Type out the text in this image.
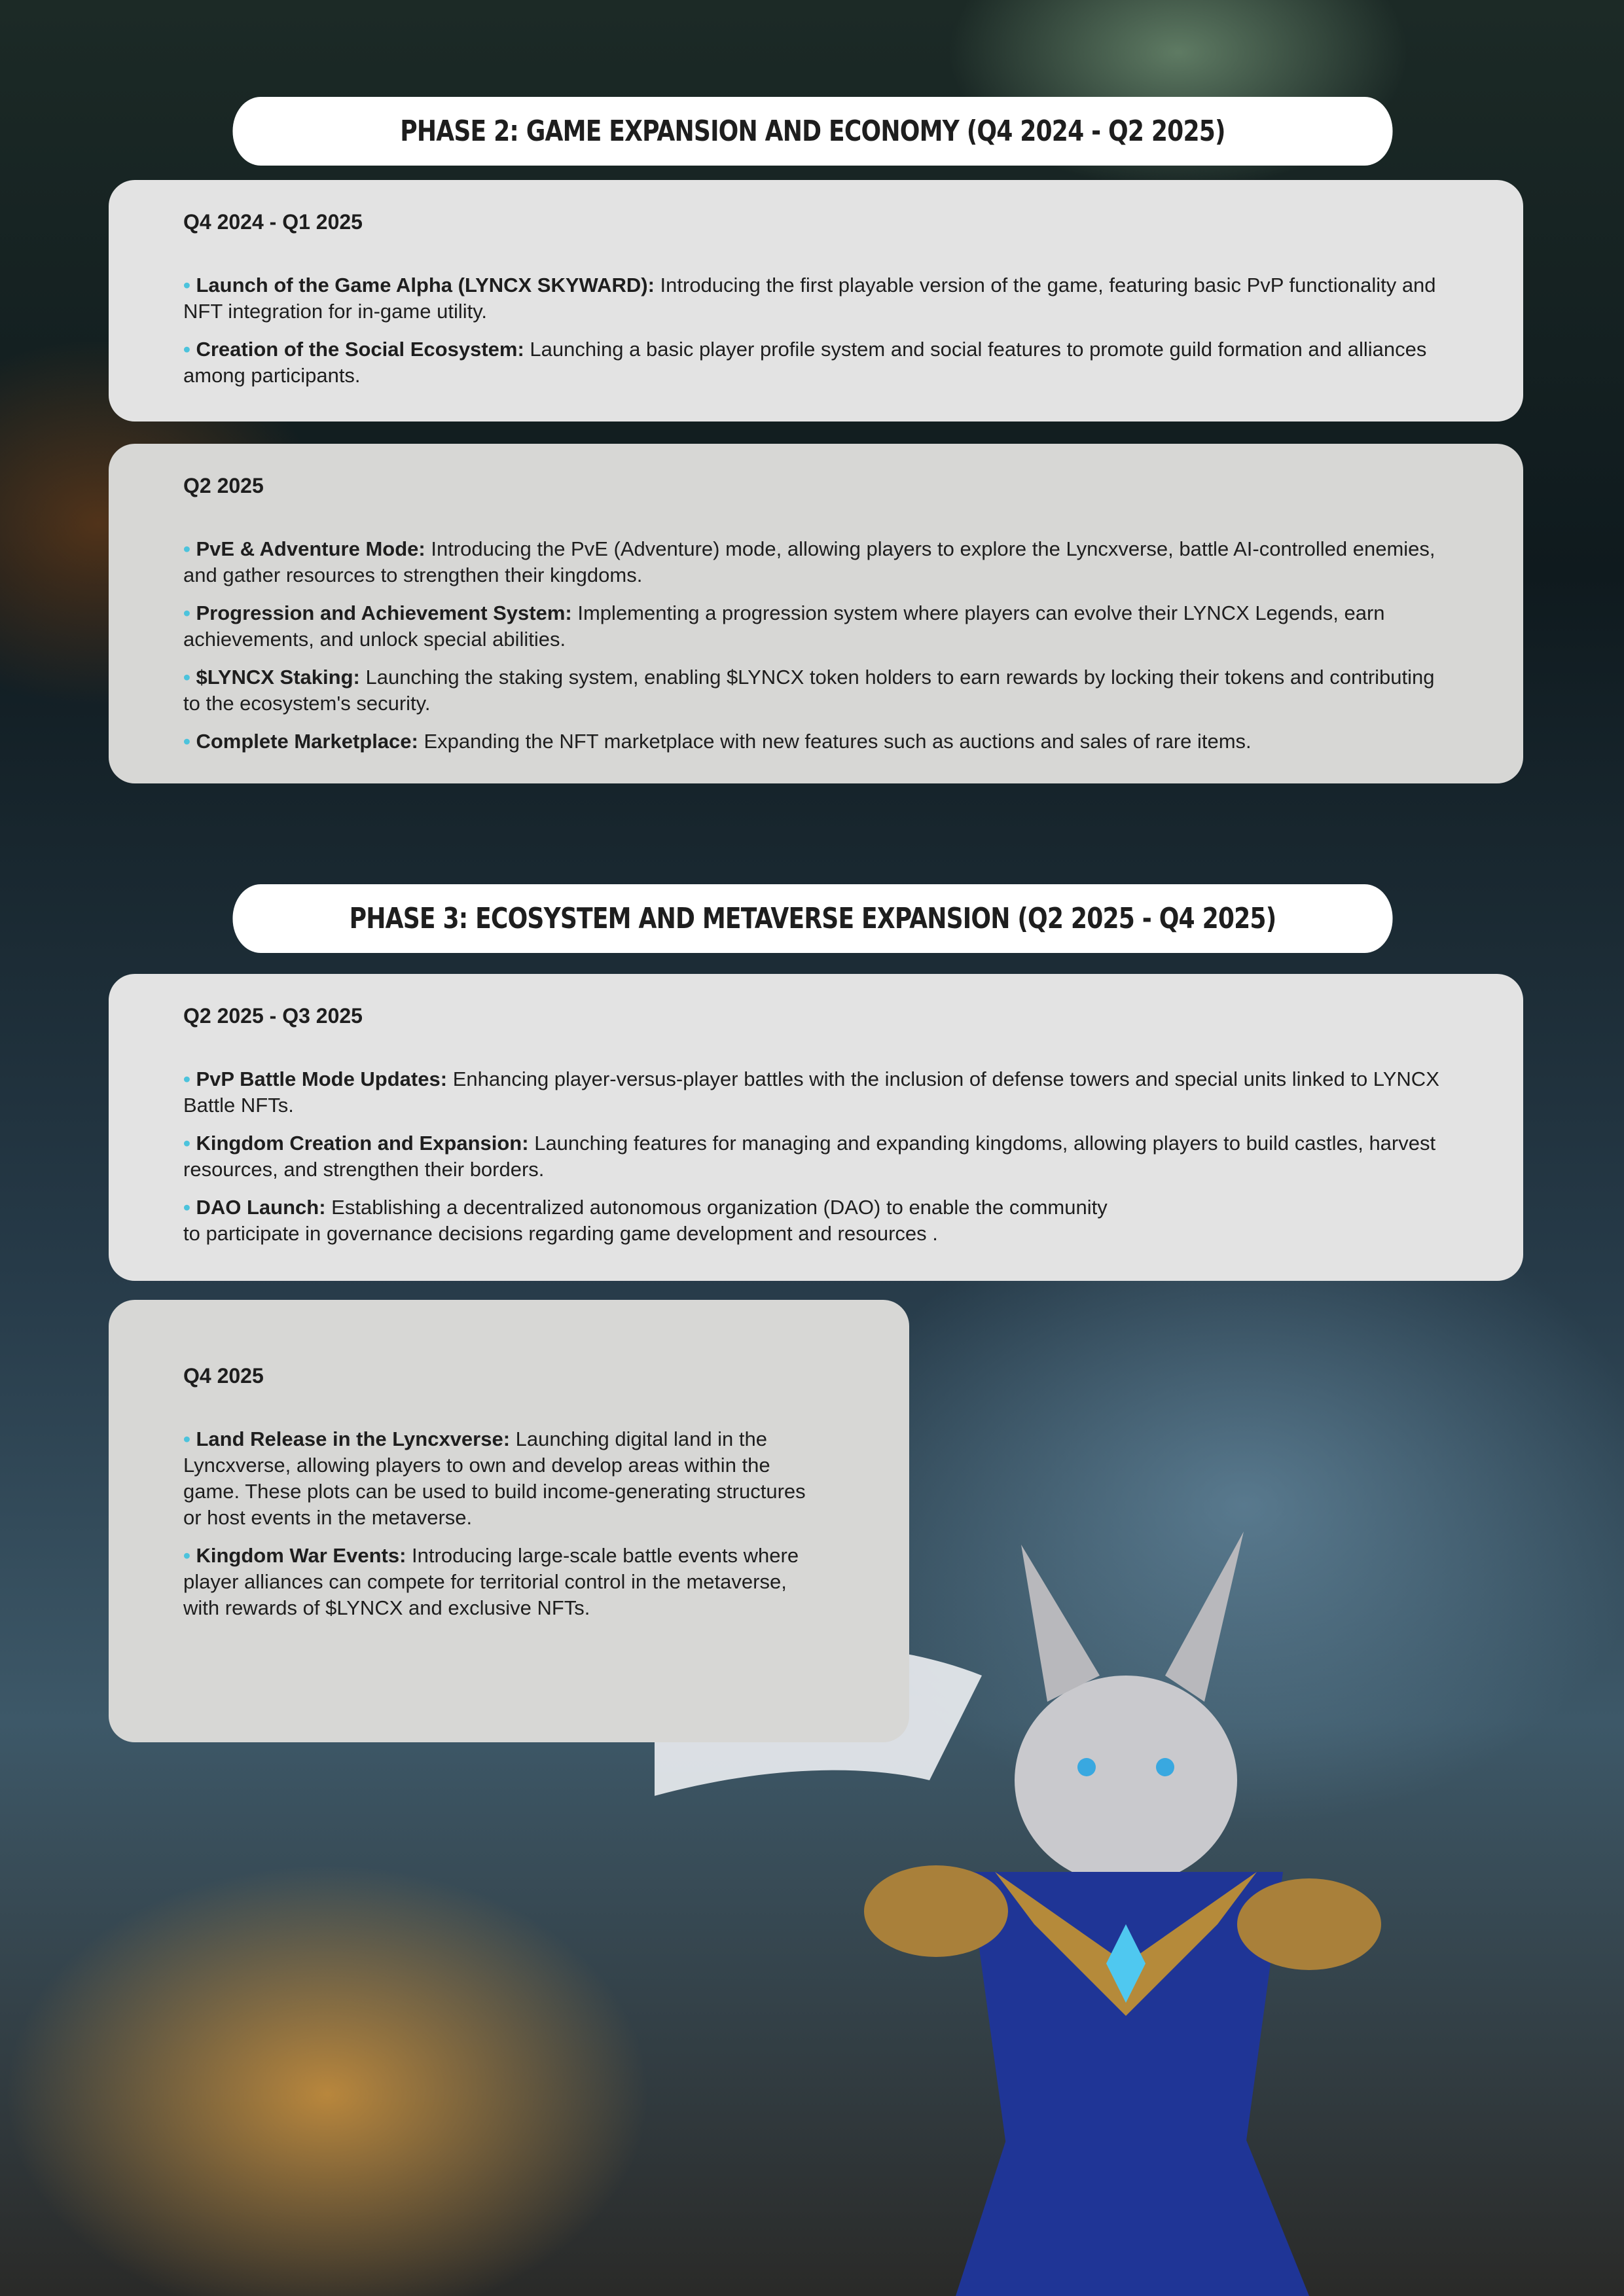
PHASE 2: GAME EXPANSION AND ECONOMY (Q4 2024 - Q2 2025)
Q4 2024 - Q1 2025
• Launch of the Game Alpha (LYNCX SKYWARD): Introducing the first playable version of the game, featuring basic PvP functionality and NFT integration for in-game utility.
• Creation of the Social Ecosystem: Launching a basic player profile system and social features to promote guild formation and alliances among participants.
Q2 2025
• PvE & Adventure Mode: Introducing the PvE (Adventure) mode, allowing players to explore the Lyncxverse, battle AI-controlled enemies, and gather resources to strengthen their kingdoms.
• Progression and Achievement System: Implementing a progression system where players can evolve their LYNCX Legends, earn achievements, and unlock special abilities.
• $LYNCX Staking: Launching the staking system, enabling $LYNCX token holders to earn rewards by locking their tokens and contributing to the ecosystem's security.
• Complete Marketplace: Expanding the NFT marketplace with new features such as auctions and sales of rare items.
PHASE 3: ECOSYSTEM AND METAVERSE EXPANSION (Q2 2025 - Q4 2025)
Q2 2025 - Q3 2025
• PvP Battle Mode Updates: Enhancing player-versus-player battles with the inclusion of defense towers and special units linked to LYNCX Battle NFTs.
• Kingdom Creation and Expansion: Launching features for managing and expanding kingdoms, allowing players to build castles, harvest resources, and strengthen their borders.
• DAO Launch: Establishing a decentralized autonomous organization (DAO) to enable the community to participate in governance decisions regarding game development and resources .
Q4 2025
• Land Release in the Lyncxverse: Launching digital land in the Lyncxverse, allowing players to own and develop areas within the game. These plots can be used to build income-generating structures or host events in the metaverse.
• Kingdom War Events: Introducing large-scale battle events where player alliances can compete for territorial control in the metaverse, with rewards of $LYNCX and exclusive NFTs.
